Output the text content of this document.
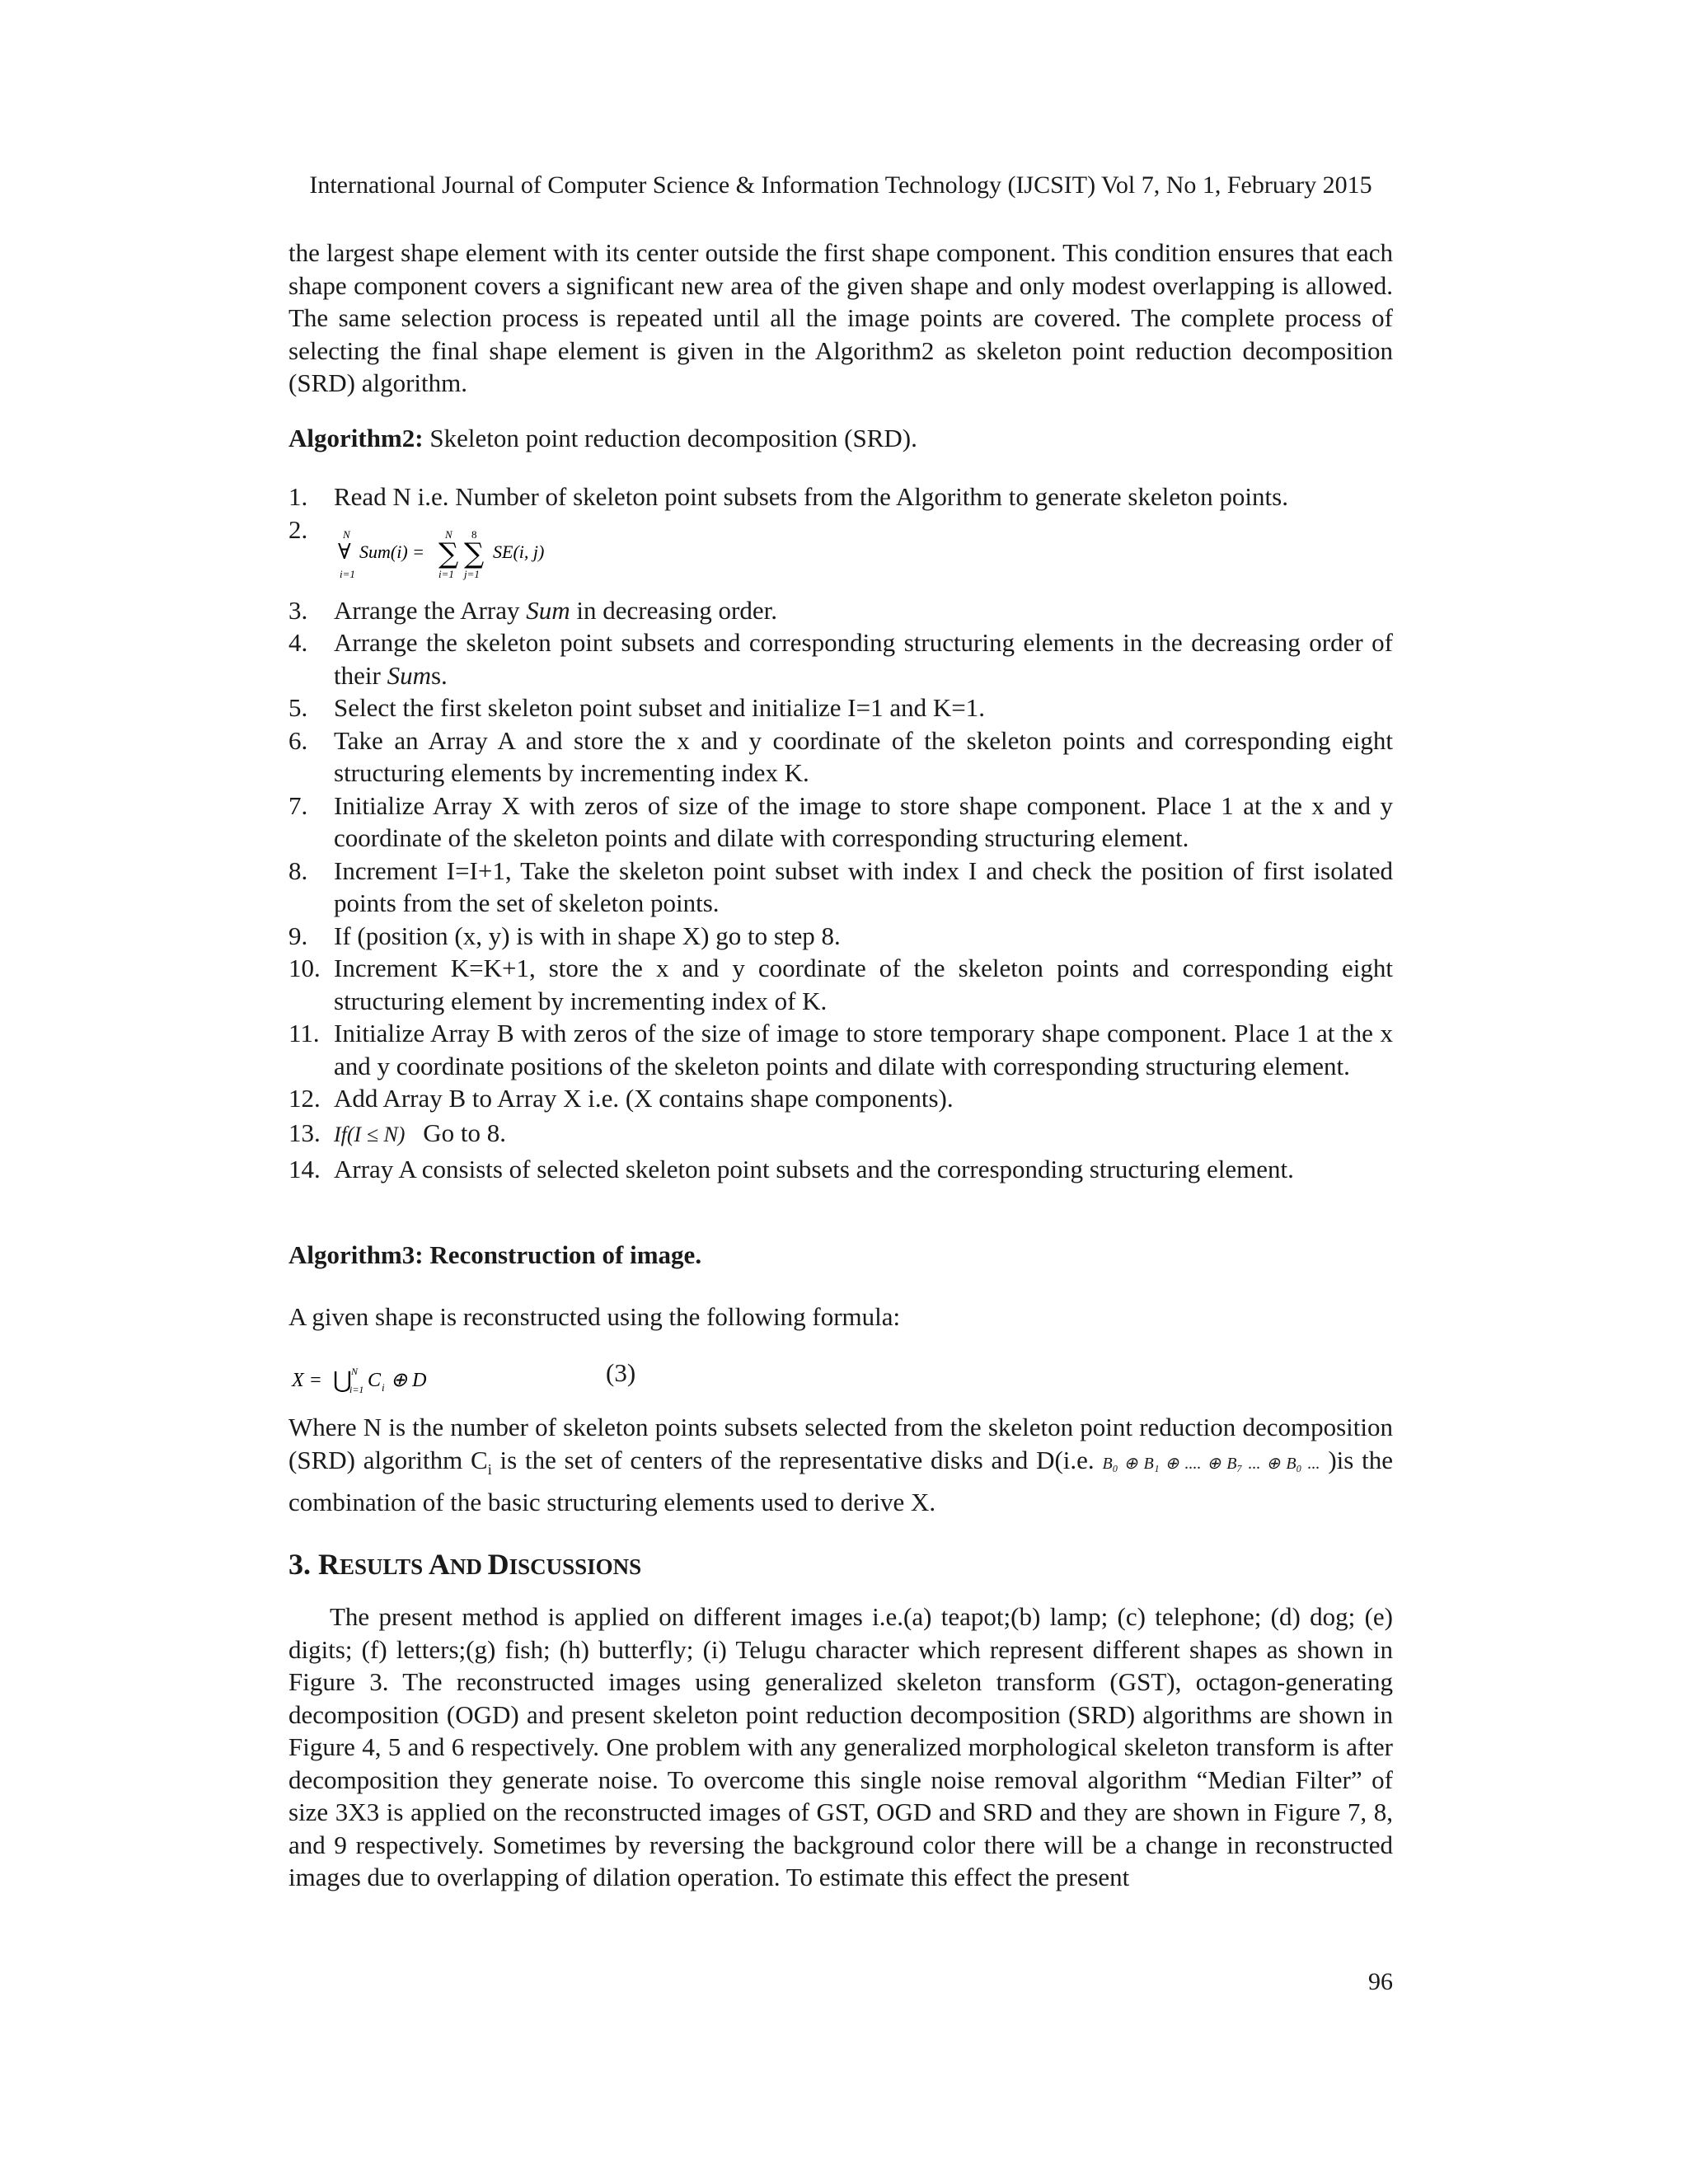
International Journal of Computer Science & Information Technology (IJCSIT) Vol 7, No 1, February 2015

the largest shape element with its center outside the first shape component. This condition ensures that each shape component covers a significant new area of the given shape and only modest overlapping is allowed. The same selection process is repeated until all the image points are covered. The complete process of selecting the final shape element is given in the Algorithm2 as skeleton point reduction decomposition (SRD) algorithm.

Algorithm2: Skeleton point reduction decomposition (SRD).
1.	Read N i.e. Number of skeleton point subsets from the Algorithm to generate skeleton points.
2.	N
∀
i=1
Sum(i) =
N
∑
i=1
8
∑
j=1
SE(i, j)
3.	Arrange the Array Sum in decreasing order.
4.	Arrange the skeleton point subsets and corresponding structuring elements in the decreasing order of their Sums.
5.	Select the first skeleton point subset and initialize I=1 and K=1.
6.	Take an Array A and store the x and y coordinate of the skeleton points and corresponding eight structuring elements by incrementing index K.
7.	Initialize Array X with zeros of size of the image to store shape component. Place 1 at the x and y coordinate of the skeleton points and dilate with corresponding structuring element.
8.	Increment I=I+1, Take the skeleton point subset with index I and check the position of first isolated points from the set of skeleton points.
9.	If (position (x, y) is with in shape X) go to step 8.
10. Increment K=K+1, store the x and y coordinate of the skeleton points and corresponding eight structuring element by incrementing index of K.
11. Initialize Array B with zeros of the size of image to store temporary shape component. Place 1 at the x and y coordinate positions of the skeleton points and dilate with corresponding structuring element.
12. Add Array B to Array X i.e. (X contains shape components).
13. If(I ≤ N) Go to 8.
14. Array A consists of selected skeleton point subsets and the corresponding structuring element.
Algorithm3: Reconstruction of image.

A given shape is reconstructed using the following formula:

X = ⋃ N
i=1 C i ⊕ D	(3)

Where N is the number of skeleton points subsets selected from the skeleton point reduction decomposition (SRD) algorithm $C_i$ is the set of centers of the representative disks and D(i.e. B₀ ⊕ B₁ ⊕ .... ⊕ B₇ ... ⊕ B₀ ... )is the combination of the basic structuring elements used to derive X.

3. RESULTS AND DISCUSSIONS

The present method is applied on different images i.e.(a) teapot;(b) lamp; (c) telephone; (d) dog; (e) digits; (f) letters;(g) fish; (h) butterfly; (i) Telugu character which represent different shapes as shown in Figure 3. The reconstructed images using generalized skeleton transform (GST), octagon-generating decomposition (OGD) and present skeleton point reduction decomposition (SRD) algorithms are shown in Figure 4, 5 and 6 respectively. One problem with any generalized morphological skeleton transform is after decomposition they generate noise. To overcome this single noise removal algorithm “Median Filter” of size 3X3 is applied on the reconstructed images of GST, OGD and SRD and they are shown in Figure 7, 8, and 9 respectively. Sometimes by reversing the background color there will be a change in reconstructed images due to overlapping of dilation operation. To estimate this effect the present

96
